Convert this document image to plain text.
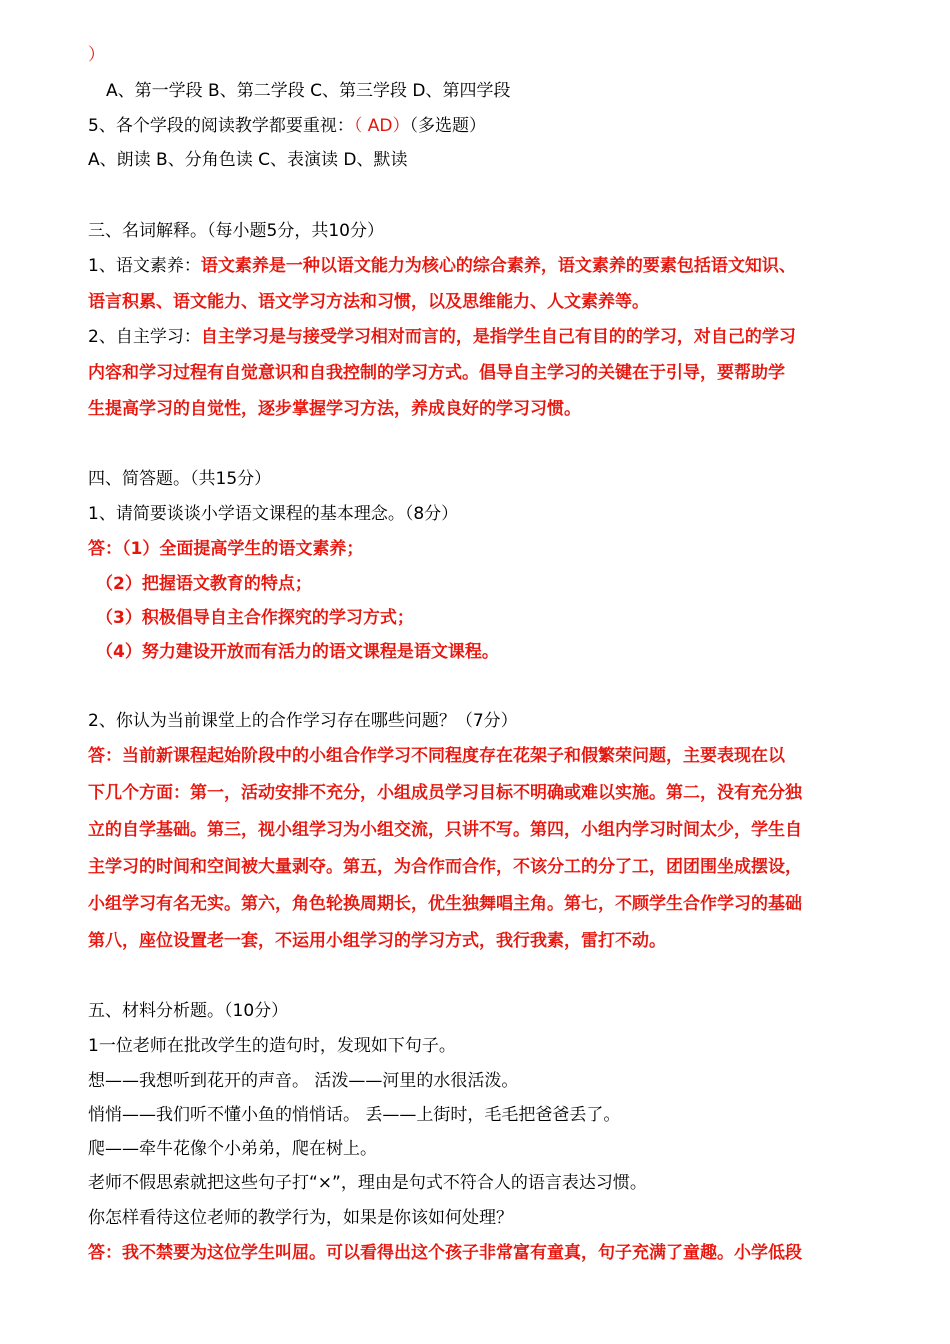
）
A、第一学段 B、第二学段 C、第三学段 D、第四学段
5、各个学段的阅读教学都要重视：（ AD）（多选题）
A、朗读 B、分角色读 C、表演读 D、默读
三、名词解释。（每小题5分，共10分）
1、语文素养：语文素养是一种以语文能力为核心的综合素养，语文素养的要素包括语文知识、
语言积累、语文能力、语文学习方法和习惯，以及思维能力、人文素养等。
2、自主学习：自主学习是与接受学习相对而言的，是指学生自己有目的的学习，对自己的学习
内容和学习过程有自觉意识和自我控制的学习方式。倡导自主学习的关键在于引导，要帮助学
生提高学习的自觉性，逐步掌握学习方法，养成良好的学习习惯。
四、简答题。（共15分）
1、请简要谈谈小学语文课程的基本理念。（8分）
答：（1）全面提高学生的语文素养；
（2）把握语文教育的特点；
（3）积极倡导自主合作探究的学习方式；
（4）努力建设开放而有活力的语文课程是语文课程。
2、你认为当前课堂上的合作学习存在哪些问题？（7分）
答：当前新课程起始阶段中的小组合作学习不同程度存在花架子和假繁荣问题，主要表现在以
下几个方面：第一，活动安排不充分，小组成员学习目标不明确或难以实施。第二，没有充分独
立的自学基础。第三，视小组学习为小组交流，只讲不写。第四，小组内学习时间太少，学生自
主学习的时间和空间被大量剥夺。第五，为合作而合作，不该分工的分了工，团团围坐成摆设，
小组学习有名无实。第六，角色轮换周期长，优生独舞唱主角。第七，不顾学生合作学习的基础
第八，座位设置老一套，不运用小组学习的学习方式，我行我素，雷打不动。
五、材料分析题。（10分）
1一位老师在批改学生的造句时，发现如下句子。
想——我想听到花开的声音。 活泼——河里的水很活泼。
悄悄——我们听不懂小鱼的悄悄话。 丢——上街时，毛毛把爸爸丢了。
爬——牵牛花像个小弟弟，爬在树上。
老师不假思索就把这些句子打“×”，理由是句式不符合人的语言表达习惯。
你怎样看待这位老师的教学行为，如果是你该如何处理？
答：我不禁要为这位学生叫屈。可以看得出这个孩子非常富有童真，句子充满了童趣。小学低段
